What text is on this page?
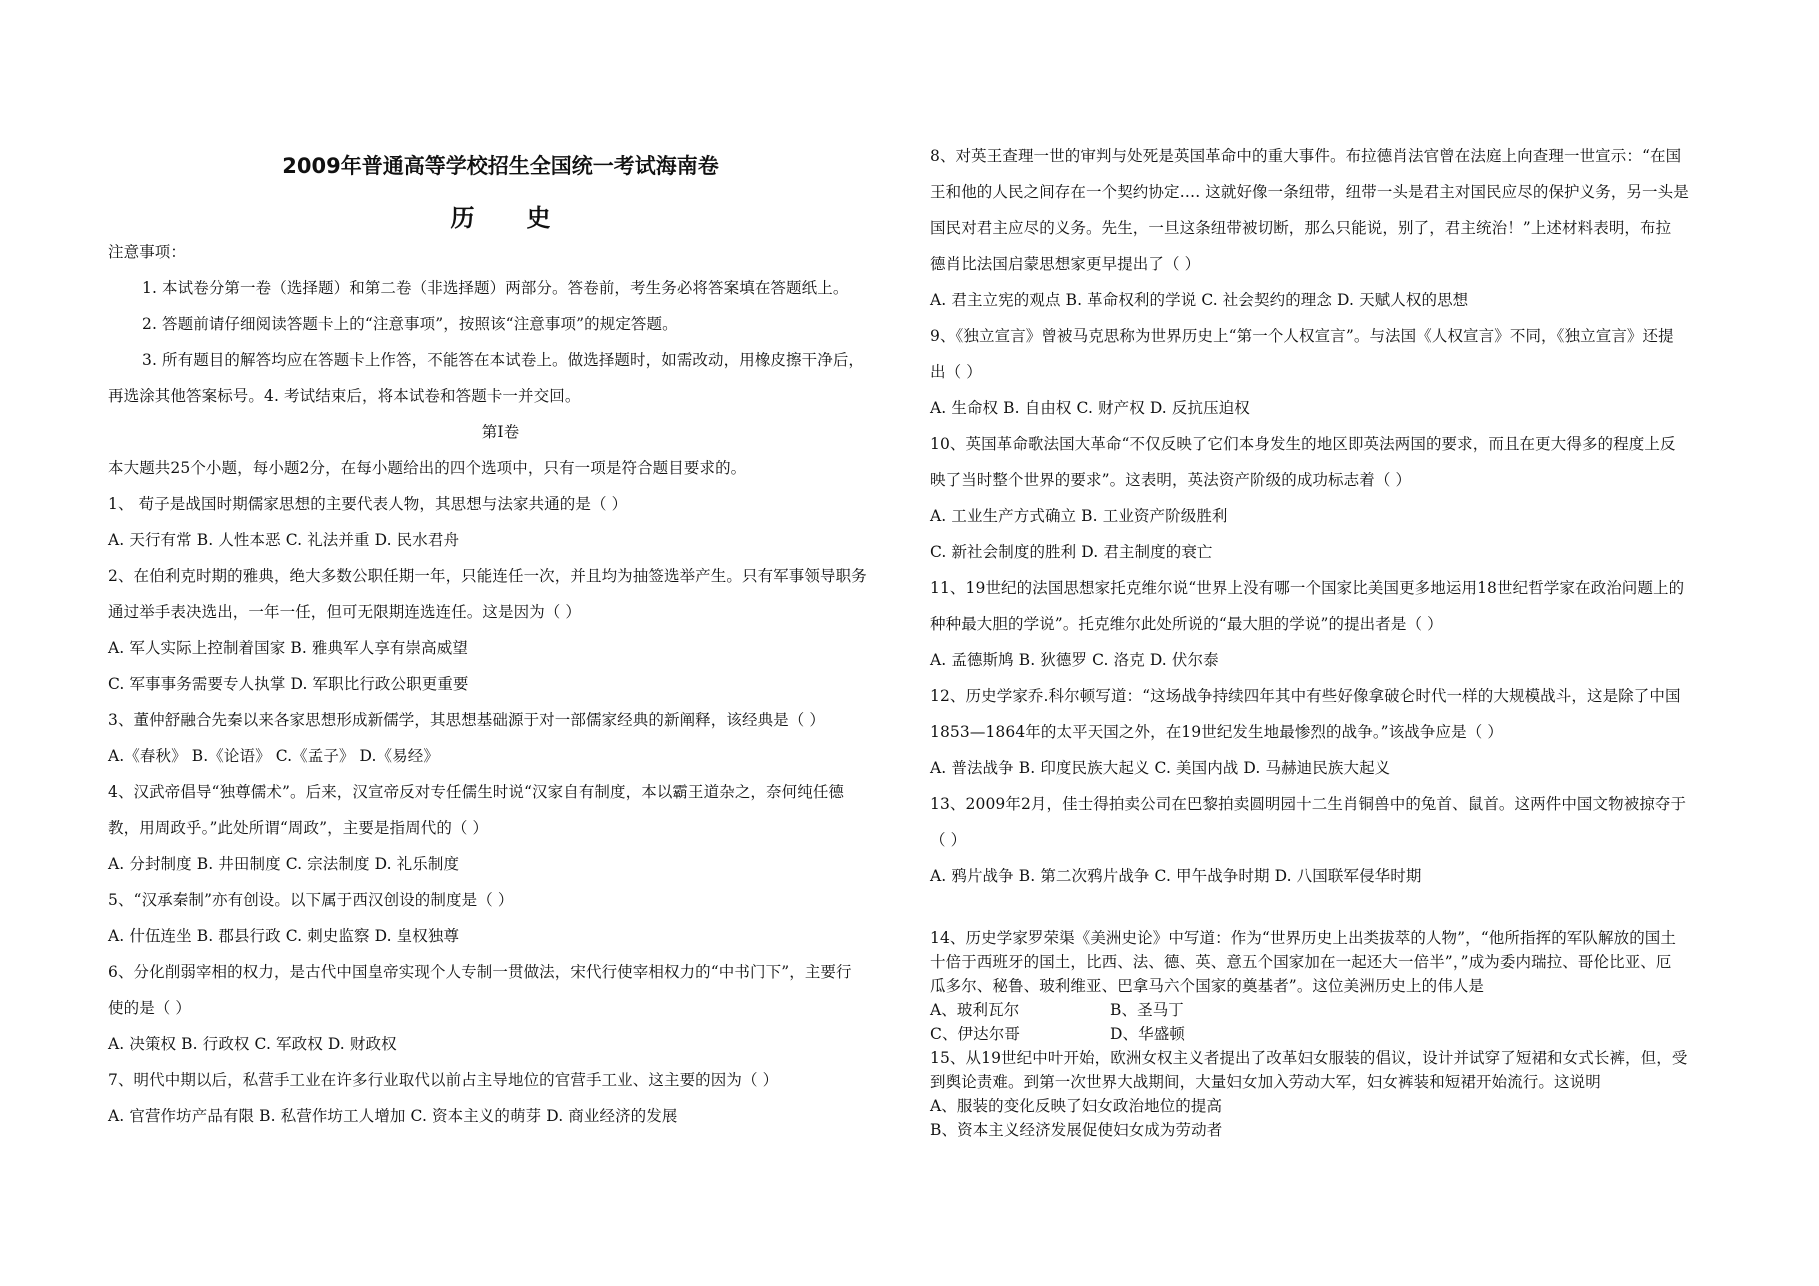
2009年普通高等学校招生全国统一考试海南卷
历史
注意事项：
1. 本试卷分第一卷（选择题）和第二卷（非选择题）两部分。答卷前，考生务必将答案填在答题纸上。
2. 答题前请仔细阅读答题卡上的“注意事项”，按照该“注意事项”的规定答题。
3. 所有题目的解答均应在答题卡上作答，不能答在本试卷上。做选择题时，如需改动，用橡皮擦干净后，
再选涂其他答案标号。4. 考试结束后，将本试卷和答题卡一并交回。
第Ⅰ卷
本大题共25个小题，每小题2分，在每小题给出的四个选项中，只有一项是符合题目要求的。
1、 荀子是战国时期儒家思想的主要代表人物，其思想与法家共通的是（ ）
A. 天行有常 B. 人性本恶 C. 礼法并重 D. 民水君舟
2、在伯利克时期的雅典，绝大多数公职任期一年，只能连任一次，并且均为抽签选举产生。只有军事领导职务
通过举手表决选出，一年一任，但可无限期连选连任。这是因为（ ）
A. 军人实际上控制着国家 B. 雅典军人享有崇高威望
C. 军事事务需要专人执掌 D. 军职比行政公职更重要
3、董仲舒融合先秦以来各家思想形成新儒学，其思想基础源于对一部儒家经典的新阐释，该经典是（ ）
A.《春秋》 B.《论语》 C.《孟子》 D.《易经》
4、汉武帝倡导“独尊儒术”。后来，汉宣帝反对专任儒生时说“汉家自有制度，本以霸王道杂之，奈何纯任德
教，用周政乎。”此处所谓“周政”，主要是指周代的（ ）
A. 分封制度 B. 井田制度 C. 宗法制度 D. 礼乐制度
5、“汉承秦制”亦有创设。以下属于西汉创设的制度是（ ）
A. 什伍连坐 B. 郡县行政 C. 刺史监察 D. 皇权独尊
6、分化削弱宰相的权力，是古代中国皇帝实现个人专制一贯做法，宋代行使宰相权力的“中书门下”，主要行
使的是（ ）
A. 决策权 B. 行政权 C. 军政权 D. 财政权
7、明代中期以后，私营手工业在许多行业取代以前占主导地位的官营手工业、这主要的因为（ ）
A. 官营作坊产品有限 B. 私营作坊工人增加 C. 资本主义的萌芽 D. 商业经济的发展
8、对英王查理一世的审判与处死是英国革命中的重大事件。布拉德肖法官曾在法庭上向查理一世宣示：“在国
王和他的人民之间存在一个契约协定…. 这就好像一条纽带，纽带一头是君主对国民应尽的保护义务，另一头是
国民对君主应尽的义务。先生，一旦这条纽带被切断，那么只能说，别了，君主统治！”上述材料表明，布拉
德肖比法国启蒙思想家更早提出了（ ）
A. 君主立宪的观点 B. 革命权利的学说 C. 社会契约的理念 D. 天赋人权的思想
9、《独立宣言》曾被马克思称为世界历史上“第一个人权宣言”。与法国《人权宣言》不同，《独立宣言》还提
出（ ）
A. 生命权 B. 自由权 C. 财产权 D. 反抗压迫权
10、英国革命歌法国大革命“不仅反映了它们本身发生的地区即英法两国的要求，而且在更大得多的程度上反
映了当时整个世界的要求”。这表明，英法资产阶级的成功标志着（ ）
A. 工业生产方式确立 B. 工业资产阶级胜利
C. 新社会制度的胜利 D. 君主制度的衰亡
11、19世纪的法国思想家托克维尔说“世界上没有哪一个国家比美国更多地运用18世纪哲学家在政治问题上的
种种最大胆的学说”。托克维尔此处所说的“最大胆的学说”的提出者是（ ）
A. 孟德斯鸠 B. 狄德罗 C. 洛克 D. 伏尔泰
12、历史学家乔.科尔顿写道：“这场战争持续四年其中有些好像拿破仑时代一样的大规模战斗，这是除了中国
1853—1864年的太平天国之外，在19世纪发生地最惨烈的战争。”该战争应是（ ）
A. 普法战争 B. 印度民族大起义 C. 美国内战 D. 马赫迪民族大起义
13、2009年2月，佳士得拍卖公司在巴黎拍卖圆明园十二生肖铜兽中的兔首、鼠首。这两件中国文物被掠夺于
（ ）
A. 鸦片战争 B. 第二次鸦片战争 C. 甲午战争时期 D. 八国联军侵华时期
14、历史学家罗荣渠《美洲史论》中写道：作为“世界历史上出类拔萃的人物”，“他所指挥的军队解放的国土
十倍于西班牙的国土，比西、法、德、英、意五个国家加在一起还大一倍半”，”成为委内瑞拉、哥伦比亚、厄
瓜多尔、秘鲁、玻利维亚、巴拿马六个国家的奠基者”。这位美洲历史上的伟人是
A、玻利瓦尔	B、圣马丁
C、伊达尔哥	D、华盛顿
15、从19世纪中叶开始，欧洲女权主义者提出了改革妇女服装的倡议，设计并试穿了短裙和女式长裤，但，受
到舆论责难。到第一次世界大战期间，大量妇女加入劳动大军，妇女裤装和短裙开始流行。这说明
A、服装的变化反映了妇女政治地位的提高
B、资本主义经济发展促使妇女成为劳动者
